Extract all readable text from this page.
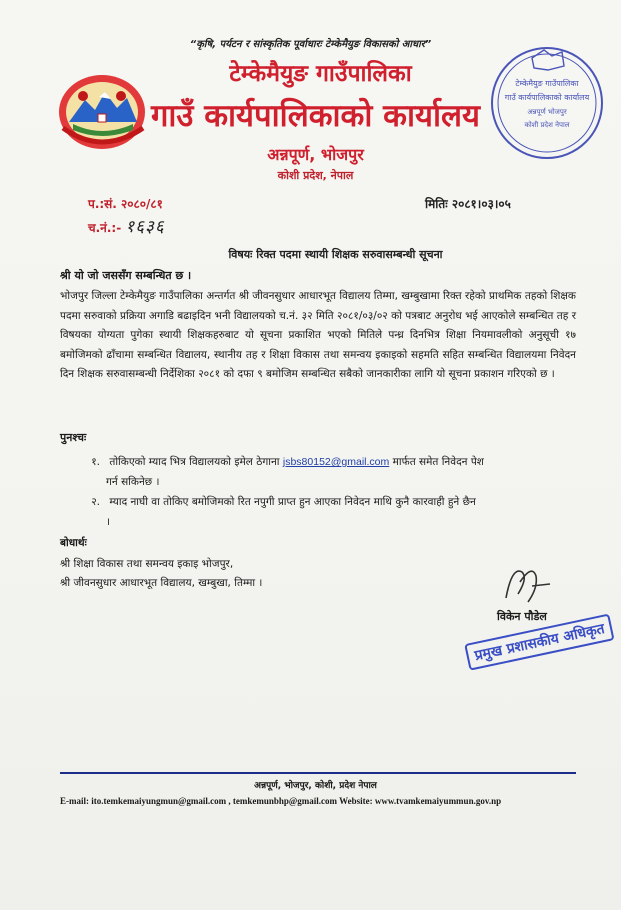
“कृषि, पर्यटन र सांस्कृतिक पूर्वाधारः टेम्केमैयुङ विकासको आधार”
टेम्केमैयुङ गाउँपालिका
गाउँ कार्यपालिकाको कार्यालय
अन्नपूर्ण भोजपुर
कोशी प्रदेश नेपाल
टेम्केमैयुङ गाउँपालिका
गाउँ कार्यपालिकाको कार्यालय
अन्नपूर्ण, भोजपुर
कोशी प्रदेश, नेपाल
प.:सं. २०८०/८१
च.नं.:- १६३६
मितिः २०८१।०३।०५
विषयः रिक्त पदमा स्थायी शिक्षक सरुवासम्बन्धी सूचना
श्री यो जो जससँग सम्बन्धित छ ।
भोजपुर जिल्ला टेम्केमैयुङ गाउँपालिका अन्तर्गत श्री जीवनसुधार आधारभूत विद्यालय तिम्मा, खम्बुखामा रिक्त रहेको प्राथमिक तहको शिक्षक पदमा सरुवाको प्रक्रिया अगाडि बढाइदिन भनी विद्यालयको च.नं. ३२ मिति २०८१/०३/०२ को पत्रबाट अनुरोध भई आएकोले सम्बन्धित तह र विषयका योग्यता पुगेका स्थायी शिक्षकहरुबाट यो सूचना प्रकाशित भएको मितिले पन्ध्र दिनभित्र शिक्षा नियमावलीको अनुसूची १७ बमोजिमको ढाँचामा सम्बन्धित विद्यालय, स्थानीय तह र शिक्षा विकास तथा समन्वय इकाइको सहमति सहित सम्बन्धित विद्यालयमा निवेदन दिन शिक्षक सरुवासम्बन्धी निर्देशिका २०८१ को दफा ९ बमोजिम सम्बन्धित सबैको जानकारीका लागि यो सूचना प्रकाशन गरिएको छ ।
पुनश्चः
१. तोकिएको म्याद भित्र विद्यालयको इमेल ठेगाना jsbs80152@gmail.com मार्फत समेत निवेदन पेश
गर्न सकिनेछ ।
२. म्याद नाघी वा तोकिए बमोजिमको रित नपुगी प्राप्त हुन आएका निवेदन माथि कुनै कारवाही हुने छैन
।
बोधार्थः
श्री शिक्षा विकास तथा समन्वय इकाइ भोजपुर,
श्री जीवनसुधार आधारभूत विद्यालय, खम्बुखा, तिम्मा ।
विकेन पौडेल
प्रमुख प्रशासकीय अधिकृत
अन्नपूर्ण, भोजपुर, कोशी, प्रदेश नेपाल
E-mail: ito.temkemaiyungmun@gmail.com , temkemunbhp@gmail.com Website: www.tvamkemaiyummun.gov.np
